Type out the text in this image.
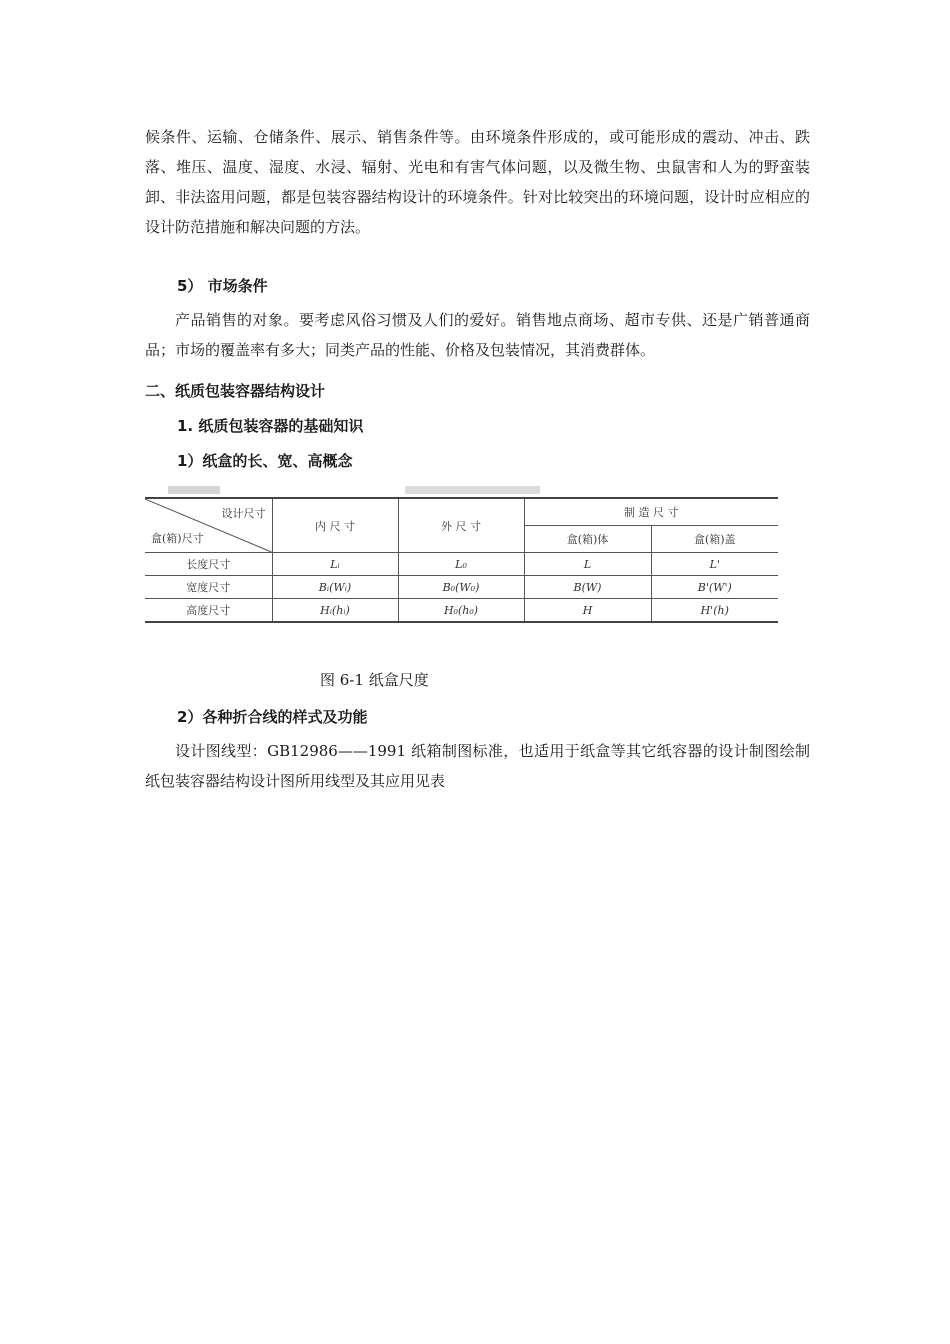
候条件、运输、仓储条件、展示、销售条件等。由环境条件形成的，或可能形成的震动、冲击、跌落、堆压、温度、湿度、水浸、辐射、光电和有害气体问题，以及微生物、虫鼠害和人为的野蛮装卸、非法盗用问题，都是包装容器结构设计的环境条件。针对比较突出的环境问题，设计时应相应的设计防范措施和解决问题的方法。

5） 市场条件

产品销售的对象。要考虑风俗习惯及人们的爱好。销售地点商场、超市专供、还是广销普通商品；市场的覆盖率有多大；同类产品的性能、价格及包装情况，其消费群体。

二、纸质包装容器结构设计

1. 纸质包装容器的基础知识

1）纸盒的长、宽、高概念

设计尺寸
盒(箱)尺寸	内 尺 寸	外 尺 寸	制 造 尺 寸	
			盒(箱)体	盒(箱)盖
长度尺寸	Lᵢ	L₀	L	L'
宽度尺寸	Bᵢ(Wᵢ)	B₀(W₀)	B(W)	B'(W')
高度尺寸	Hᵢ(hᵢ)	H₀(h₀)	H	H'(h)

图 6-1 纸盒尺度

2）各种折合线的样式及功能

设计图线型：GB12986——1991 纸箱制图标准，也适用于纸盒等其它纸容器的设计制图绘制纸包装容器结构设计图所用线型及其应用见表
